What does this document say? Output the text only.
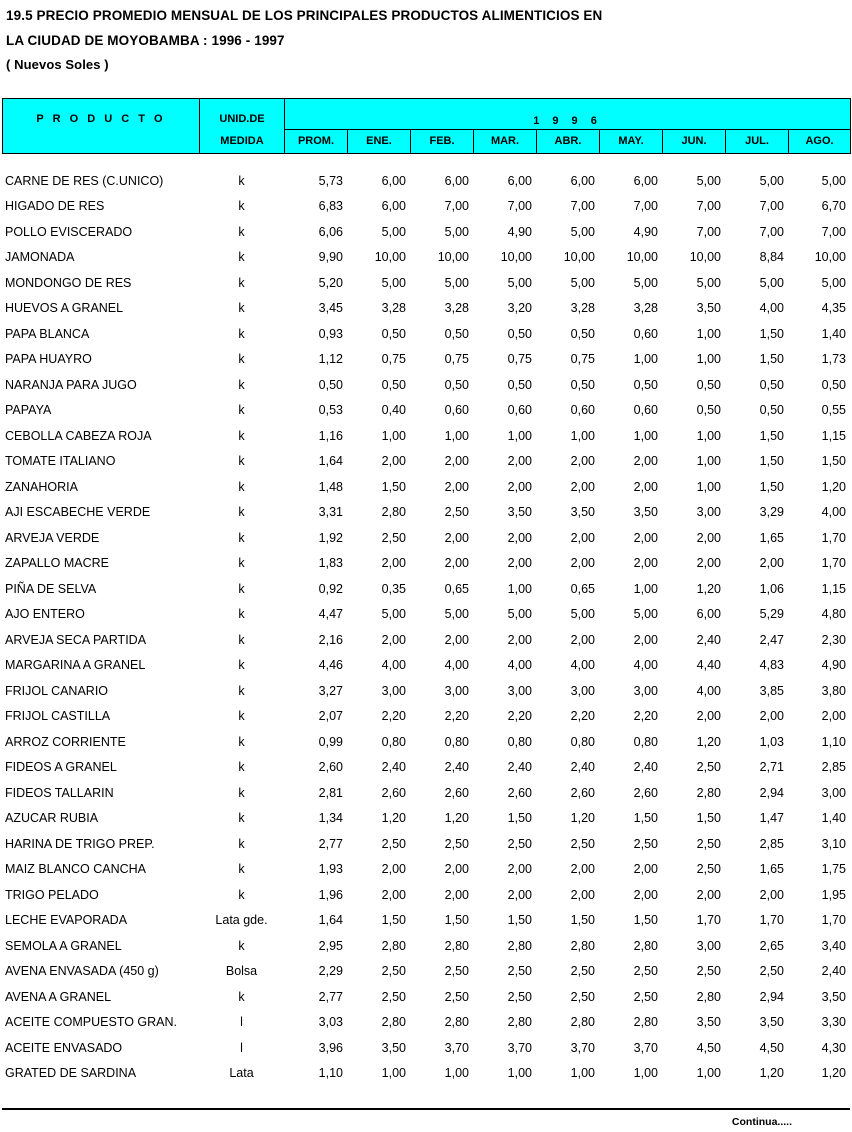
19.5 PRECIO PROMEDIO MENSUAL DE LOS PRINCIPALES PRODUCTOS ALIMENTICIOS EN
LA CIUDAD DE MOYOBAMBA : 1996 - 1997
( Nuevos Soles )
P R O D U C T O	UNID.DE	1 9 9 6								
	MEDIDA	PROM.	ENE.	FEB.	MAR.	ABR.	MAY.	JUN.	JUL.	AGO.
CARNE DE RES (C.UNICO)	k	5,73	6,00	6,00	6,00	6,00	6,00	5,00	5,00	5,00
HIGADO DE RES	k	6,83	6,00	7,00	7,00	7,00	7,00	7,00	7,00	6,70
POLLO EVISCERADO	k	6,06	5,00	5,00	4,90	5,00	4,90	7,00	7,00	7,00
JAMONADA	k	9,90	10,00	10,00	10,00	10,00	10,00	10,00	8,84	10,00
MONDONGO DE RES	k	5,20	5,00	5,00	5,00	5,00	5,00	5,00	5,00	5,00
HUEVOS A GRANEL	k	3,45	3,28	3,28	3,20	3,28	3,28	3,50	4,00	4,35
PAPA BLANCA	k	0,93	0,50	0,50	0,50	0,50	0,60	1,00	1,50	1,40
PAPA HUAYRO	k	1,12	0,75	0,75	0,75	0,75	1,00	1,00	1,50	1,73
NARANJA PARA JUGO	k	0,50	0,50	0,50	0,50	0,50	0,50	0,50	0,50	0,50
PAPAYA	k	0,53	0,40	0,60	0,60	0,60	0,60	0,50	0,50	0,55
CEBOLLA CABEZA ROJA	k	1,16	1,00	1,00	1,00	1,00	1,00	1,00	1,50	1,15
TOMATE ITALIANO	k	1,64	2,00	2,00	2,00	2,00	2,00	1,00	1,50	1,50
ZANAHORIA	k	1,48	1,50	2,00	2,00	2,00	2,00	1,00	1,50	1,20
AJI ESCABECHE VERDE	k	3,31	2,80	2,50	3,50	3,50	3,50	3,00	3,29	4,00
ARVEJA VERDE	k	1,92	2,50	2,00	2,00	2,00	2,00	2,00	1,65	1,70
ZAPALLO MACRE	k	1,83	2,00	2,00	2,00	2,00	2,00	2,00	2,00	1,70
PIÑA DE SELVA	k	0,92	0,35	0,65	1,00	0,65	1,00	1,20	1,06	1,15
AJO ENTERO	k	4,47	5,00	5,00	5,00	5,00	5,00	6,00	5,29	4,80
ARVEJA SECA PARTIDA	k	2,16	2,00	2,00	2,00	2,00	2,00	2,40	2,47	2,30
MARGARINA A GRANEL	k	4,46	4,00	4,00	4,00	4,00	4,00	4,40	4,83	4,90
FRIJOL CANARIO	k	3,27	3,00	3,00	3,00	3,00	3,00	4,00	3,85	3,80
FRIJOL CASTILLA	k	2,07	2,20	2,20	2,20	2,20	2,20	2,00	2,00	2,00
ARROZ CORRIENTE	k	0,99	0,80	0,80	0,80	0,80	0,80	1,20	1,03	1,10
FIDEOS A GRANEL	k	2,60	2,40	2,40	2,40	2,40	2,40	2,50	2,71	2,85
FIDEOS TALLARIN	k	2,81	2,60	2,60	2,60	2,60	2,60	2,80	2,94	3,00
AZUCAR RUBIA	k	1,34	1,20	1,20	1,50	1,20	1,50	1,50	1,47	1,40
HARINA DE TRIGO PREP.	k	2,77	2,50	2,50	2,50	2,50	2,50	2,50	2,85	3,10
MAIZ BLANCO CANCHA	k	1,93	2,00	2,00	2,00	2,00	2,00	2,50	1,65	1,75
TRIGO PELADO	k	1,96	2,00	2,00	2,00	2,00	2,00	2,00	2,00	1,95
LECHE EVAPORADA	Lata gde.	1,64	1,50	1,50	1,50	1,50	1,50	1,70	1,70	1,70
SEMOLA A GRANEL	k	2,95	2,80	2,80	2,80	2,80	2,80	3,00	2,65	3,40
AVENA ENVASADA (450 g)	Bolsa	2,29	2,50	2,50	2,50	2,50	2,50	2,50	2,50	2,40
AVENA A GRANEL	k	2,77	2,50	2,50	2,50	2,50	2,50	2,80	2,94	3,50
ACEITE COMPUESTO GRAN.	l	3,03	2,80	2,80	2,80	2,80	2,80	3,50	3,50	3,30
ACEITE ENVASADO	l	3,96	3,50	3,70	3,70	3,70	3,70	4,50	4,50	4,30
GRATED DE SARDINA	Lata	1,10	1,00	1,00	1,00	1,00	1,00	1,00	1,20	1,20
Continua.....
